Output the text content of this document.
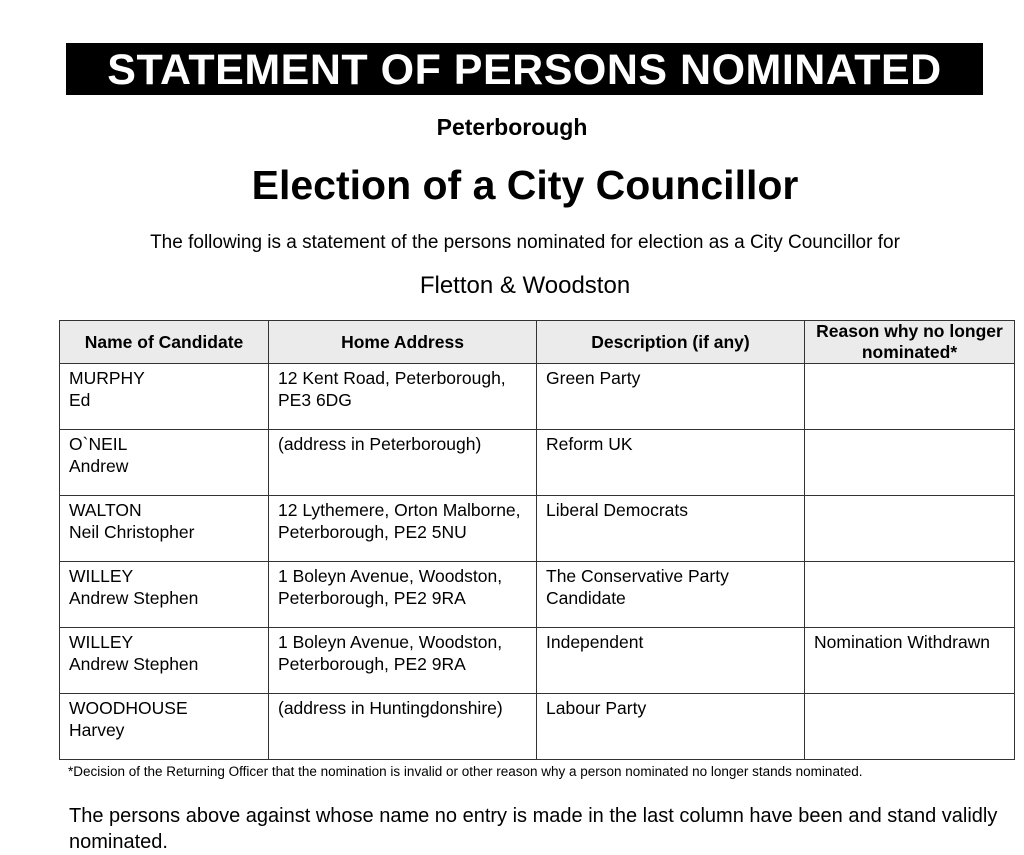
STATEMENT OF PERSONS NOMINATED
Peterborough
Election of a City Councillor
The following is a statement of the persons nominated for election as a City Councillor for
Fletton & Woodston
Name of Candidate	Home Address	Description (if any)	Reason why no longer nominated*

MURPHY
Ed	12 Kent Road, Peterborough, PE3 6DG	Green Party	

O`NEIL
Andrew	(address in Peterborough)	Reform UK	

WALTON
Neil Christopher	12 Lythemere, Orton Malborne, Peterborough, PE2 5NU	Liberal Democrats	

WILLEY
Andrew Stephen	1 Boleyn Avenue, Woodston, Peterborough, PE2 9RA	The Conservative Party Candidate	

WILLEY
Andrew Stephen	1 Boleyn Avenue, Woodston, Peterborough, PE2 9RA	Independent	Nomination Withdrawn

WOODHOUSE
Harvey	(address in Huntingdonshire)	Labour Party	
*Decision of the Returning Officer that the nomination is invalid or other reason why a person nominated no longer stands nominated.
The persons above against whose name no entry is made in the last column have been and stand validly nominated.
